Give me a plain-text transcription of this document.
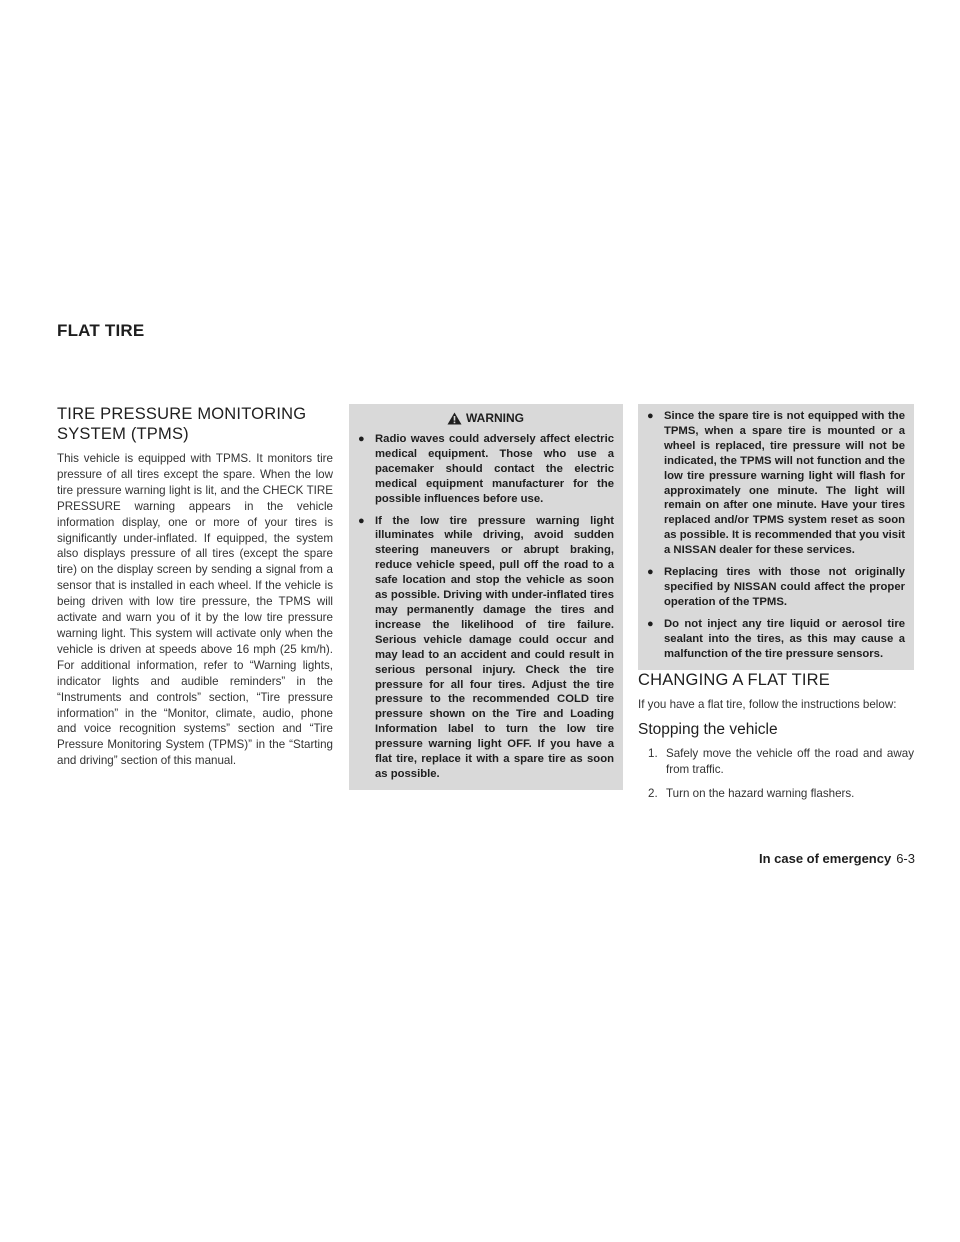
FLAT TIRE
TIRE PRESSURE MONITORING
SYSTEM (TPMS)

This vehicle is equipped with TPMS. It monitors tire pressure of all tires except the spare. When the low tire pressure warning light is lit, and the CHECK TIRE PRESSURE warning appears in the vehicle information display, one or more of your tires is significantly under-inflated. If equipped, the system also displays pressure of all tires (except the spare tire) on the display screen by sending a signal from a sensor that is installed in each wheel. If the vehicle is being driven with low tire pressure, the TPMS will activate and warn you of it by the low tire pressure warning light. This system will activate only when the vehicle is driven at speeds above 16 mph (25 km/h). For additional information, refer to “Warning lights, indicator lights and audible reminders” in the “Instruments and controls” section, “Tire pressure information” in the “Monitor, climate, audio, phone and voice recognition systems” section and “Tire Pressure Monitoring System (TPMS)” in the “Starting and driving” section of this manual.

WARNING
● Radio waves could adversely affect electric medical equipment. Those who use a pacemaker should contact the electric medical equipment manufacturer for the possible influences before use.
● If the low tire pressure warning light illuminates while driving, avoid sudden steering maneuvers or abrupt braking, reduce vehicle speed, pull off the road to a safe location and stop the vehicle as soon as possible. Driving with under-inflated tires may permanently damage the tires and increase the likelihood of tire failure. Serious vehicle damage could occur and may lead to an accident and could result in serious personal injury. Check the tire pressure for all four tires. Adjust the tire pressure to the recommended COLD tire pressure shown on the Tire and Loading Information label to turn the low tire pressure warning light OFF. If you have a flat tire, replace it with a spare tire as soon as possible.
● Since the spare tire is not equipped with the TPMS, when a spare tire is mounted or a wheel is replaced, tire pressure will not be indicated, the TPMS will not function and the low tire pressure warning light will flash for approximately one minute. The light will remain on after one minute. Have your tires replaced and/or TPMS system reset as soon as possible. It is recommended that you visit a NISSAN dealer for these services.
● Replacing tires with those not originally specified by NISSAN could affect the proper operation of the TPMS.
● Do not inject any tire liquid or aerosol tire sealant into the tires, as this may cause a malfunction of the tire pressure sensors.
CHANGING A FLAT TIRE

If you have a flat tire, follow the instructions below:

Stopping the vehicle
1. Safely move the vehicle off the road and away from traffic.
2. Turn on the hazard warning flashers.
In case of emergency 6-3
